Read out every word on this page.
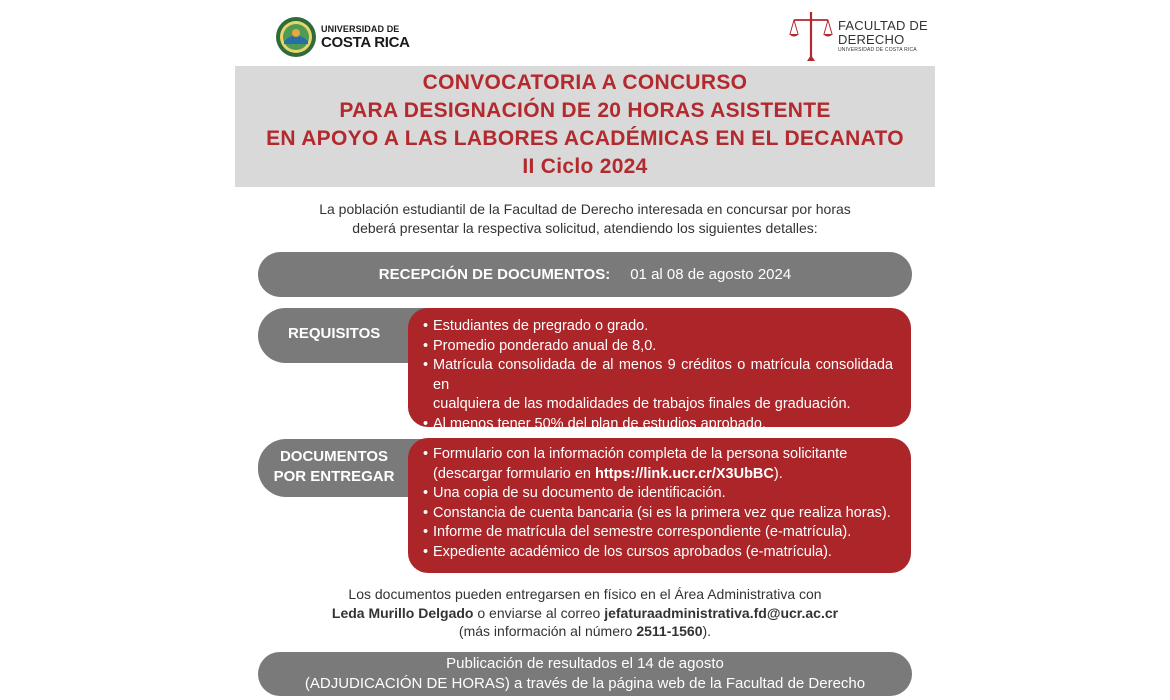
UNIVERSIDAD DE
COSTA RICA
FACULTAD DE
DERECHO
UNIVERSIDAD DE COSTA RICA
CONVOCATORIA A CONCURSO
PARA DESIGNACIÓN DE 20 HORAS ASISTENTE
EN APOYO A LAS LABORES ACADÉMICAS EN EL DECANATO
II Ciclo 2024
La población estudiantil de la Facultad de Derecho interesada en concursar por horas
deberá presentar la respectiva solicitud, atendiendo los siguientes detalles:
RECEPCIÓN DE DOCUMENTOS: 01 al 08 de agosto 2024
REQUISITOS
•	Estudiantes de pregrado o grado.
• Promedio ponderado anual de 8,0.
• Matrícula consolidada de al menos 9 créditos o matrícula consolidada en
cualquiera de las modalidades de trabajos finales de graduación.
• Al menos tener 50% del plan de estudios aprobado.
DOCUMENTOS
POR ENTREGAR
• Formulario con la información completa de la persona solicitante
(descargar formulario en https://link.ucr.cr/X3UbBC).
• Una copia de su documento de identificación.
• Constancia de cuenta bancaria (si es la primera vez que realiza horas).
• Informe de matrícula del semestre correspondiente (e-matrícula).
• Expediente académico de los cursos aprobados (e-matrícula).
Los documentos pueden entregarsen en físico en el Área Administrativa con
Leda Murillo Delgado o enviarse al correo jefaturaadministrativa.fd@ucr.ac.cr
(más información al número 2511-1560).
Publicación de resultados el 14 de agosto
(ADJUDICACIÓN DE HORAS) a través de la página web de la Facultad de Derecho
